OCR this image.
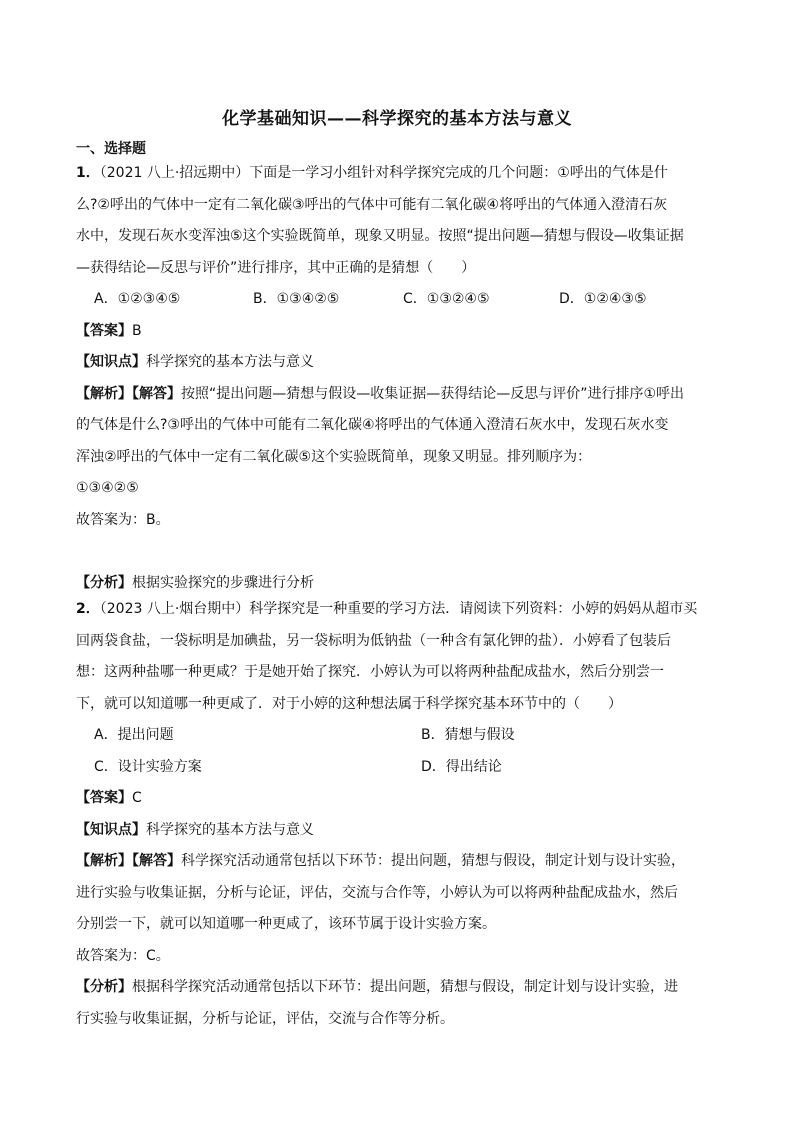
化学基础知识——科学探究的基本方法与意义
一、选择题

1．（2021 八上·招远期中）下面是一学习小组针对科学探究完成的几个问题：①呼出的气体是什

么?②呼出的气体中一定有二氧化碳③呼出的气体中可能有二氧化碳④将呼出的气体通入澄清石灰

水中，发现石灰水变浑浊⑤这个实验既简单，现象又明显。按照“提出问题—猜想与假设—收集证据

—获得结论—反思与评价”进行排序，其中正确的是猜想（　　）

A．①②③④⑤	B．①③④②⑤	C．①③②④⑤	D．①②④③⑤

【答案】B

【知识点】科学探究的基本方法与意义

【解析】【解答】按照“提出问题—猜想与假设—收集证据—获得结论—反思与评价”进行排序①呼出

的气体是什么?③呼出的气体中可能有二氧化碳④将呼出的气体通入澄清石灰水中，发现石灰水变

浑浊②呼出的气体中一定有二氧化碳⑤这个实验既简单，现象又明显。排列顺序为：

①③④②⑤

故答案为：B。

【分析】根据实验探究的步骤进行分析

2．（2023 八上·烟台期中）科学探究是一种重要的学习方法．请阅读下列资料：小婷的妈妈从超市买

回两袋食盐，一袋标明是加碘盐，另一袋标明为低钠盐（一种含有氯化钾的盐）．小婷看了包装后

想：这两种盐哪一种更咸？于是她开始了探究．小婷认为可以将两种盐配成盐水，然后分别尝一

下，就可以知道哪一种更咸了．对于小婷的这种想法属于科学探究基本环节中的（　　）

A．提出问题	B．猜想与假设
C．设计实验方案	D．得出结论

【答案】C

【知识点】科学探究的基本方法与意义

【解析】【解答】科学探究活动通常包括以下环节：提出问题，猜想与假设，制定计划与设计实验，

进行实验与收集证据，分析与论证，评估，交流与合作等，小婷认为可以将两种盐配成盐水，然后

分别尝一下，就可以知道哪一种更咸了，该环节属于设计实验方案。

故答案为：C。

【分析】根据科学探究活动通常包括以下环节：提出问题，猜想与假设，制定计划与设计实验，进

行实验与收集证据，分析与论证，评估，交流与合作等分析。
